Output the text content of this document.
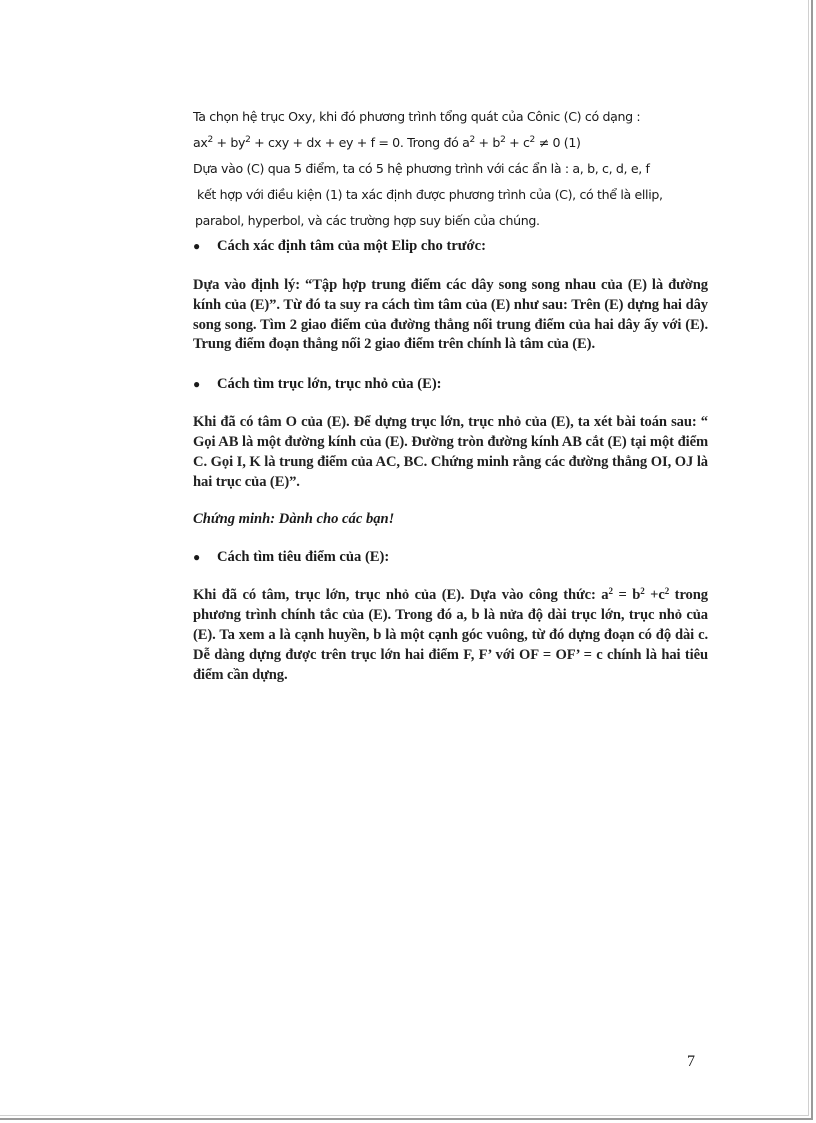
Ta chọn hệ trục Oxy, khi đó phương trình tổng quát của Cônic (C) có dạng :
$ax^2 + by^2$ + cxy + dx + ey + f = 0. Trong đó $a^2 + b^2 + c^2 \ne 0$ (1)
Dựa vào (C) qua 5 điểm, ta có 5 hệ phương trình với các ẩn là : a, b, c, d, e, f
kết hợp với điều kiện (1) ta xác định được phương trình của (C), có thể là ellip,
parabol, hyperbol, và các trường hợp suy biến của chúng.
●	Cách xác định tâm của một Elip cho trước:

Dựa vào định lý: “Tập hợp trung điểm các dây song song nhau của (E) là đường kính của (E)”. Từ đó ta suy ra cách tìm tâm của (E) như sau: Trên (E) dựng hai dây song song. Tìm 2 giao điểm của đường thẳng nối trung điểm của hai dây ấy với (E). Trung điểm đoạn thẳng nối 2 giao điểm trên chính là tâm của (E).

●	Cách tìm trục lớn, trục nhỏ của (E):

Khi đã có tâm O của (E). Để dựng trục lớn, trục nhỏ của (E), ta xét bài toán sau: “ Gọi AB là một đường kính của (E). Đường tròn đường kính AB cắt (E) tại một điểm C. Gọi I, K là trung điểm của AC, BC. Chứng minh rằng các đường thẳng OI, OJ là hai trục của (E)”.

Chứng minh: Dành cho các bạn!
●	Cách tìm tiêu điểm của (E):

Khi đã có tâm, trục lớn, trục nhỏ của (E). Dựa vào công thức: $a^2 = b^2 +c^2$ trong phương trình chính tắc của (E). Trong đó a, b là nửa độ dài trục lớn, trục nhỏ của (E). Ta xem a là cạnh huyền, b là một cạnh góc vuông, từ đó dựng đoạn có độ dài c. Dễ dàng dựng được trên trục lớn hai điểm F, F’ với OF = OF’ = c chính là hai tiêu điểm cần dựng.

7
